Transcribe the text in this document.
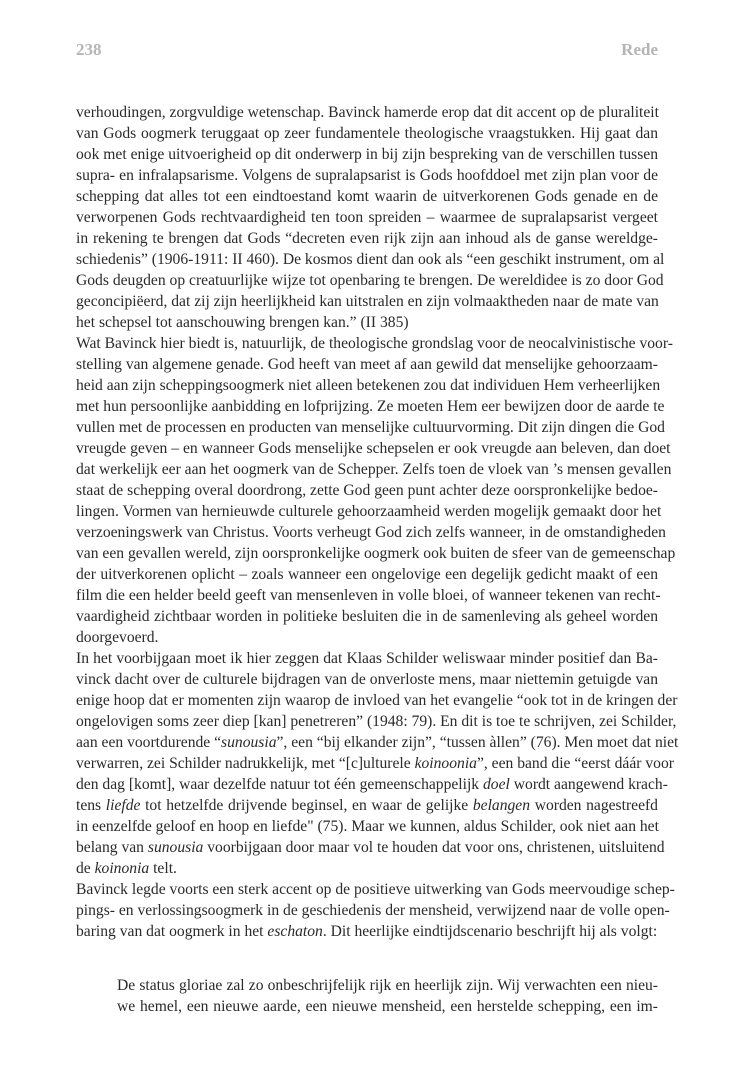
238	Rede
verhoudingen, zorgvuldige wetenschap. Bavinck hamerde erop dat dit accent op de pluraliteit
van Gods oogmerk teruggaat op zeer fundamentele theologische vraagstukken. Hij gaat dan
ook met enige uitvoerigheid op dit onderwerp in bij zijn bespreking van de verschillen tussen
supra- en infralapsarisme. Volgens de supralapsarist is Gods hoofddoel met zijn plan voor de
schepping dat alles tot een eindtoestand komt waarin de uitverkorenen Gods genade en de
verworpenen Gods rechtvaardigheid ten toon spreiden – waarmee de supralapsarist vergeet
in rekening te brengen dat Gods “decreten even rijk zijn aan inhoud als de ganse wereldge-
schiedenis” (1906-1911: II 460). De kosmos dient dan ook als “een geschikt instrument, om al
Gods deugden op creatuurlijke wijze tot openbaring te brengen. De wereldidee is zo door God
geconcipiëerd, dat zij zijn heerlijkheid kan uitstralen en zijn volmaaktheden naar de mate van
het schepsel tot aanschouwing brengen kan.” (II 385)
Wat Bavinck hier biedt is, natuurlijk, de theologische grondslag voor de neocalvinistische voor-
stelling van algemene genade. God heeft van meet af aan gewild dat menselijke gehoorzaam-
heid aan zijn scheppingsoogmerk niet alleen betekenen zou dat individuen Hem verheerlijken
met hun persoonlijke aanbidding en lofprijzing. Ze moeten Hem eer bewijzen door de aarde te
vullen met de processen en producten van menselijke cultuurvorming. Dit zijn dingen die God
vreugde geven – en wanneer Gods menselijke schepselen er ook vreugde aan beleven, dan doet
dat werkelijk eer aan het oogmerk van de Schepper. Zelfs toen de vloek van ’s mensen gevallen
staat de schepping overal doordrong, zette God geen punt achter deze oorspronkelijke bedoe-
lingen. Vormen van hernieuwde culturele gehoorzaamheid werden mogelijk gemaakt door het
verzoeningswerk van Christus. Voorts verheugt God zich zelfs wanneer, in de omstandigheden
van een gevallen wereld, zijn oorspronkelijke oogmerk ook buiten de sfeer van de gemeenschap
der uitverkorenen oplicht – zoals wanneer een ongelovige een degelijk gedicht maakt of een
film die een helder beeld geeft van mensenleven in volle bloei, of wanneer tekenen van recht-
vaardigheid zichtbaar worden in politieke besluiten die in de samenleving als geheel worden
doorgevoerd.
In het voorbijgaan moet ik hier zeggen dat Klaas Schilder weliswaar minder positief dan Ba-
vinck dacht over de culturele bijdragen van de onverloste mens, maar niettemin getuigde van
enige hoop dat er momenten zijn waarop de invloed van het evangelie “ook tot in de kringen der
ongelovigen soms zeer diep [kan] penetreren” (1948: 79). En dit is toe te schrijven, zei Schilder,
aan een voortdurende “sunousia”, een “bij elkander zijn”, “tussen àllen” (76). Men moet dat niet
verwarren, zei Schilder nadrukkelijk, met “[c]ulturele koinoonia”, een band die “eerst dáár voor
den dag [komt], waar dezelfde natuur tot één gemeenschappelijk doel wordt aangewend krach-
tens liefde tot hetzelfde drijvende beginsel, en waar de gelijke belangen worden nagestreefd
in eenzelfde geloof en hoop en liefde" (75). Maar we kunnen, aldus Schilder, ook niet aan het
belang van sunousia voorbijgaan door maar vol te houden dat voor ons, christenen, uitsluitend
de koinonia telt.
Bavinck legde voorts een sterk accent op de positieve uitwerking van Gods meervoudige schep-
pings- en verlossingsoogmerk in de geschiedenis der mensheid, verwijzend naar de volle open-
baring van dat oogmerk in het eschaton. Dit heerlijke eindtijdscenario beschrijft hij als volgt:
De status gloriae zal zo onbeschrijfelijk rijk en heerlijk zijn. Wij verwachten een nieu-
we hemel, een nieuwe aarde, een nieuwe mensheid, een herstelde schepping, een im-
